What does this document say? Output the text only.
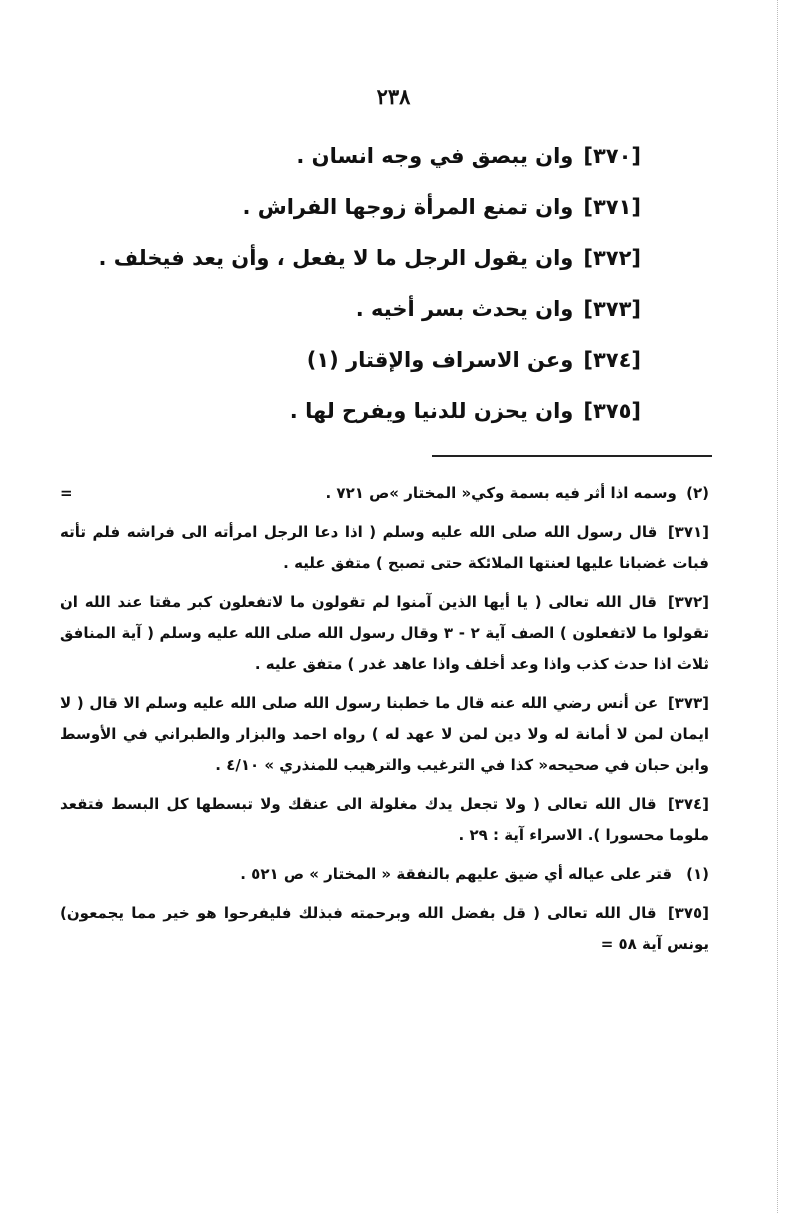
٢٣٨
[٣٧٠]وان يبصق في وجه انسان .
[٣٧١]وان تمنع المرأة زوجها الفراش .
[٣٧٢]وان يقول الرجل ما لا يفعل ، وأن يعد فيخلف .
[٣٧٣]وان يحدث بسر أخيه .
[٣٧٤]وعن الاسراف والإقتار (١)
[٣٧٥]وان يحزن للدنيا ويفرح لها .
(٢) وسمه اذا أثر فيه بسمة وكي« المختار »ص ٧٢١ .
=
[٣٧١] قال رسول الله صلى الله عليه وسلم ( اذا دعا الرجل امرأته الى فراشه فلم تأته فبات غضبانا عليها لعنتها الملائكة حتى تصبح ) متفق عليه .
[٣٧٢] قال الله تعالى ( يا أيها الذين آمنوا لم تقولون ما لاتفعلون كبر مقتا عند الله ان تقولوا ما لاتفعلون ) الصف آية ٢ - ٣ وقال رسول الله صلى الله عليه وسلم ( آية المنافق ثلاث اذا حدث كذب واذا وعد أخلف واذا عاهد غدر ) متفق عليه .
[٣٧٣] عن أنس رضي الله عنه قال ما خطبنا رسول الله صلى الله عليه وسلم الا قال ( لا ايمان لمن لا أمانة له ولا دين لمن لا عهد له ) رواه احمد والبزار والطبراني في الأوسط وابن حبان في صحيحه« كذا في الترغيب والترهيب للمنذري » ٤/١٠ .
[٣٧٤] قال الله تعالى ( ولا تجعل يدك مغلولة الى عنقك ولا تبسطها كل البسط فتقعد ملوما محسورا ). الاسراء آية : ٢٩ .
(١)قتر على عياله أي ضيق عليهم بالنفقة « المختار » ص ٥٢١ .
[٣٧٥] قال الله تعالى ( قل بفضل الله وبرحمته فبذلك فليفرحوا هو خير مما يجمعون) يونس آية ٥٨ =
